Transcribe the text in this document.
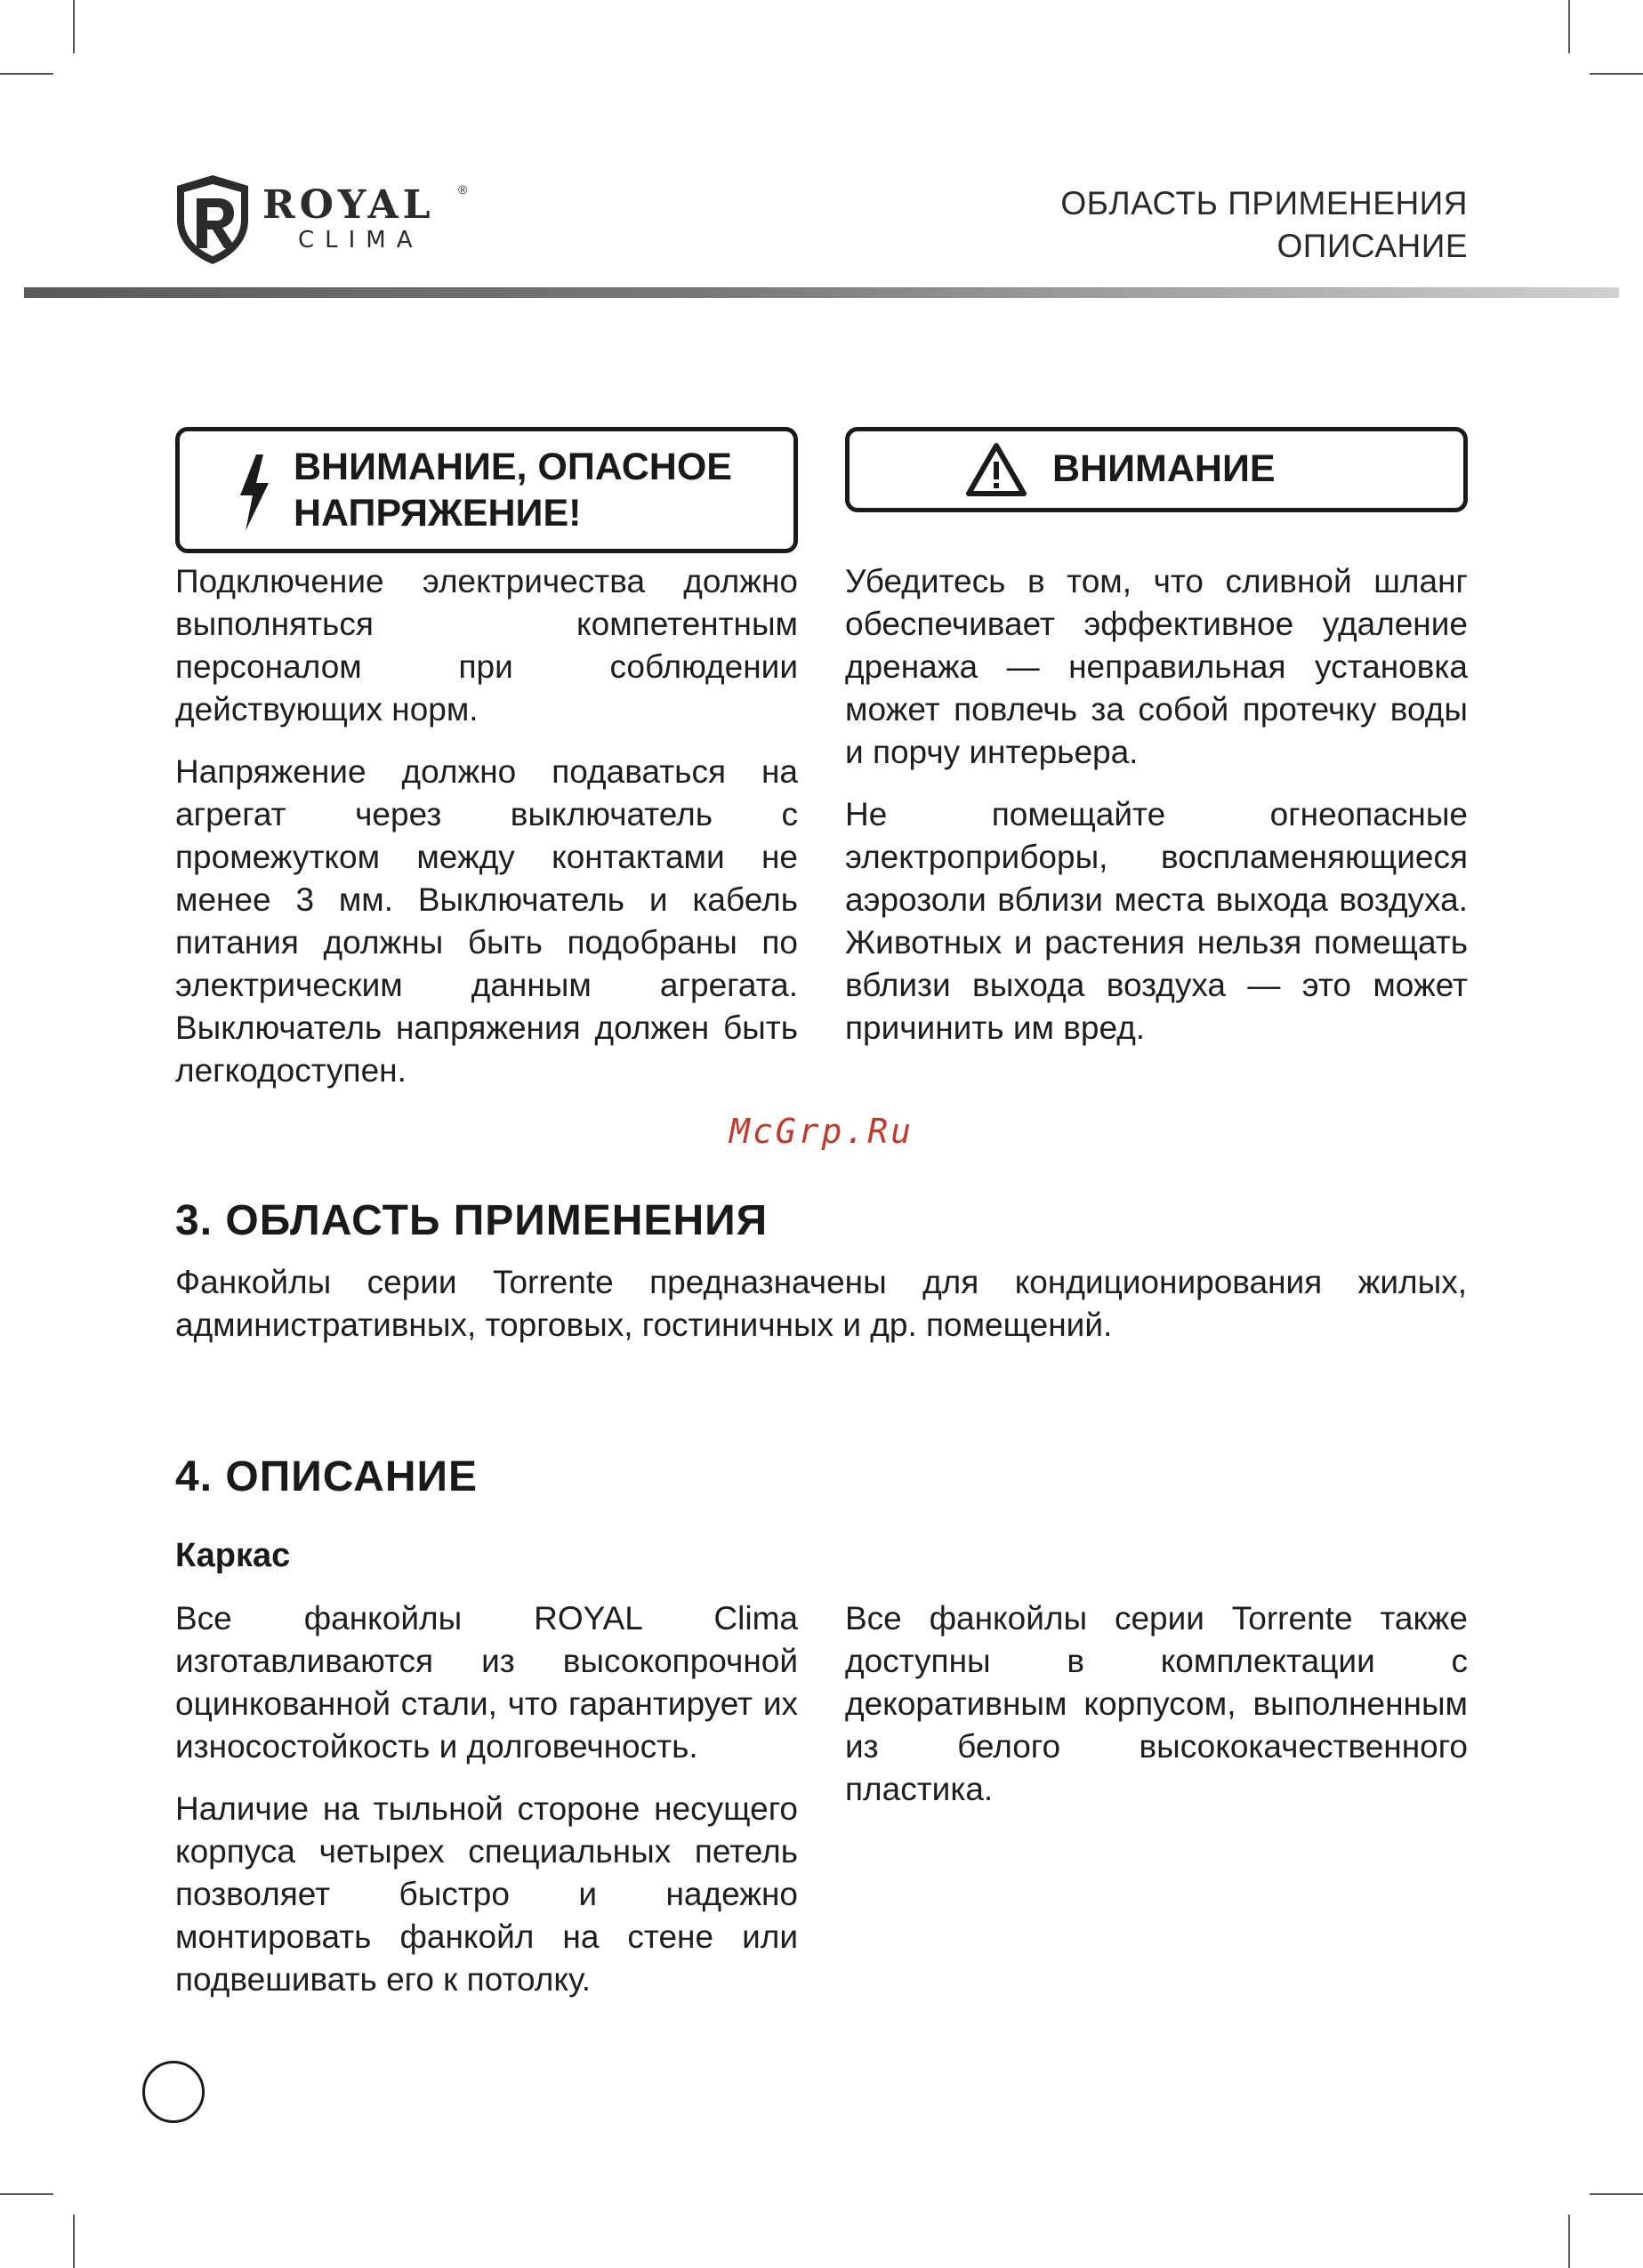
ROYAL ®
CLIMA
ОБЛАСТЬ ПРИМЕНЕНИЯ
ОПИСАНИЕ
ВНИМАНИЕ, ОПАСНОЕ
НАПРЯЖЕНИЕ!
ВНИМАНИЕ

Подключение электричества должно выполняться компетентным персоналом при соблюдении действующих норм.

Напряжение должно подаваться на агрегат через выключатель с промежутком между контактами не менее 3 мм. Выключатель и кабель питания должны быть подобраны по электрическим данным агрегата. Выключатель напряжения должен быть легкодоступен.

Убедитесь в том, что сливной шланг обеспечивает эффективное удаление дренажа — неправильная установка может повлечь за собой протечку воды и порчу интерьера.

Не помещайте огнеопасные электроприборы, воспламеняющиеся аэрозоли вблизи места выхода воздуха. Животных и растения нельзя помещать вблизи выхода воздуха — это может причинить им вред.

McGrp.Ru
3. ОБЛАСТЬ ПРИМЕНЕНИЯ
Фанкойлы серии Torrente предназначены для кондиционирования жилых, административных, торговых, гостиничных и др. помещений.
4. ОПИСАНИЕ
Каркас

Все фанкойлы ROYAL Clima изготавливаются из высокопрочной оцинкованной стали, что гарантирует их износостойкость и долговечность.

Наличие на тыльной стороне несущего корпуса четырех специальных петель позволяет быстро и надежно монтировать фанкойл на стене или подвешивать его к потолку.

Все фанкойлы серии Torrente также доступны в комплектации с декоративным корпусом, выполненным из белого высококачественного пластика.
